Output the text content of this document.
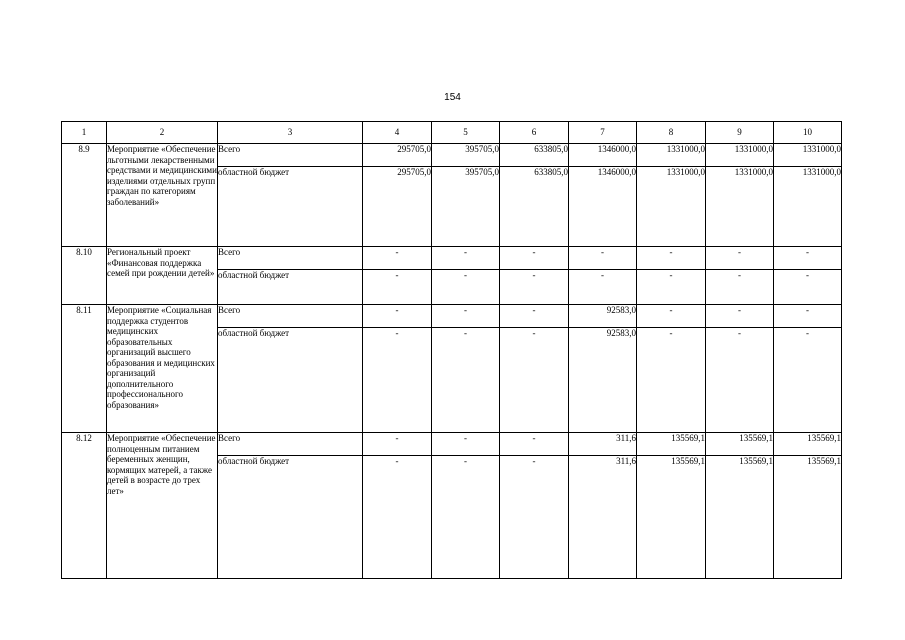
154
1	2	3	4	5	6	7	8	9	10
8.9	Мероприятие «Обеспечение льготными лекарственными средствами и медицинскими изделиями отдельных групп граждан по категориям заболеваний»	Всего	295705,0	395705,0	633805,0	1346000,0	1331000,0	1331000,0	1331000,0
		областной бюджет	295705,0	395705,0	633805,0	1346000,0	1331000,0	1331000,0	1331000,0
8.10	Региональный проект «Финансовая поддержка семей при рождении детей»	Всего	-	-	-	-	-	-	-
		областной бюджет	-	-	-	-	-	-	-
8.11	Мероприятие «Социальная поддержка студентов медицинских образовательных организаций высшего образования и медицинских организаций дополнительного профессионального образования»	Всего	-	-	-	92583,0	-	-	-
		областной бюджет	-	-	-	92583,0	-	-	-
8.12	Мероприятие «Обеспечение полноценным питанием беременных женщин, кормящих матерей, а также детей в возрасте до трех лет»	Всего	-	-	-	311,6	135569,1	135569,1	135569,1
		областной бюджет	-	-	-	311,6	135569,1	135569,1	135569,1
